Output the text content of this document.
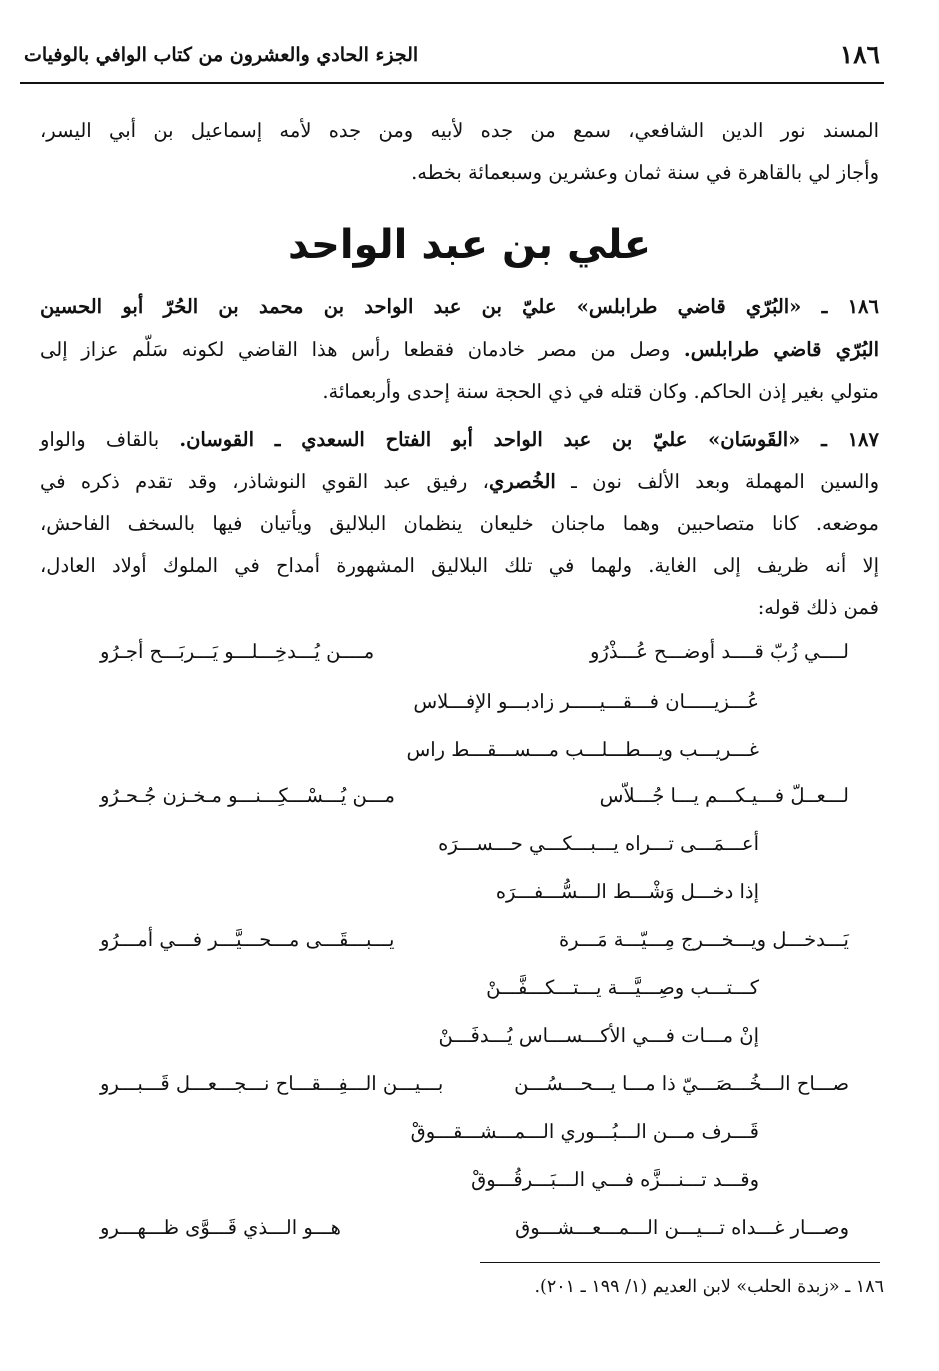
١٨٦
الجزء الحادي والعشرون من كتاب الوافي بالوفيات
المسند نور الدين الشافعي، سمع من جده لأبيه ومن جده لأمه إسماعيل بن أبي اليسر،
وأجاز لي بالقاهرة في سنة ثمان وعشرين وسبعمائة بخطه.
علي بن عبد الواحد
١٨٦ ـ «البُرّي قاضي طرابلس» عليّ بن عبد الواحد بن محمد بن الحُرّ أبو الحسين
البُرّي قاضي طرابلس. وصل من مصر خادمان فقطعا رأس هذا القاضي لكونه سَلّم عزاز إلى
متولي بغير إذن الحاكم. وكان قتله في ذي الحجة سنة إحدى وأربعمائة.
١٨٧ ـ «القَوسَان» عليّ بن عبد الواحد أبو الفتاح السعدي ـ القوسان. بالقاف والواو
والسين المهملة وبعد الألف نون ـ الخُصري، رفيق عبد القوي النوشاذر، وقد تقدم ذكره في
موضعه. كانا متصاحبين وهما ماجنان خليعان ينظمان البلاليق ويأتيان فيها بالسخف الفاحش،
إلا أنه ظريف إلى الغاية. ولهما في تلك البلاليق المشهورة أمداح في الملوك أولاد العادل،
فمن ذلك قوله:
لــــي زُبّ قــــد أوضـــح عُـــذْرُو
مــــن يُـــدخِـــلـــو يَـــربَـــح أجـرُو
عُـــزيـــــان فـــقـــيـــــر زادبـــو الإفـــلاس
غـــريـــب ويـــطـــلـــب مـــســـقـــط راس
لـــعــلّ فـــيـكـــم يـــا جُـــلاّس
مـــن يُـــسْـــكِـــنـــو مـخـزن جُـحـرُو
أعـــمَـــى تـــراه يـــبـــكـــي حـــســـرَه
إذا دخـــل وَشْـــط الـــسُّـــفـــرَه
يَـــدخـــل ويـــخـــرج مِـــيّـــة مَـــرة
يـــبـــقَـــى مـــحـــيَّـــر فـــي أمـــرُو
كـــتـــب وصِـــيَّـــة يـــتـــكـــفَّـــنْ
إنْ مـــات فـــي الأكـــســـاس يُـــدفَـــنْ
صـــاح الـــخُـــصَـــيّ ذا مـــا يـــحـــسُـــن
بـــيـــن الـــفِـــقـــاح نـــجـــعـــل قَـــبـــرو
قَـــرف مـــن الـــبُـــوري الـــمـــشـــقـــوقْ
وقـــد تـــنـــزَّه فـــي الـــبَـــرقُـــوقْ
وصـــار غـــداه تـــيـــن الـــمـــعـــشـــوق
هـــو الـــذي قَـــوَّى ظـــهـــرو
١٨٦ ـ «زبدة الحلب» لابن العديم (١/ ١٩٩ ـ ٢٠١).
